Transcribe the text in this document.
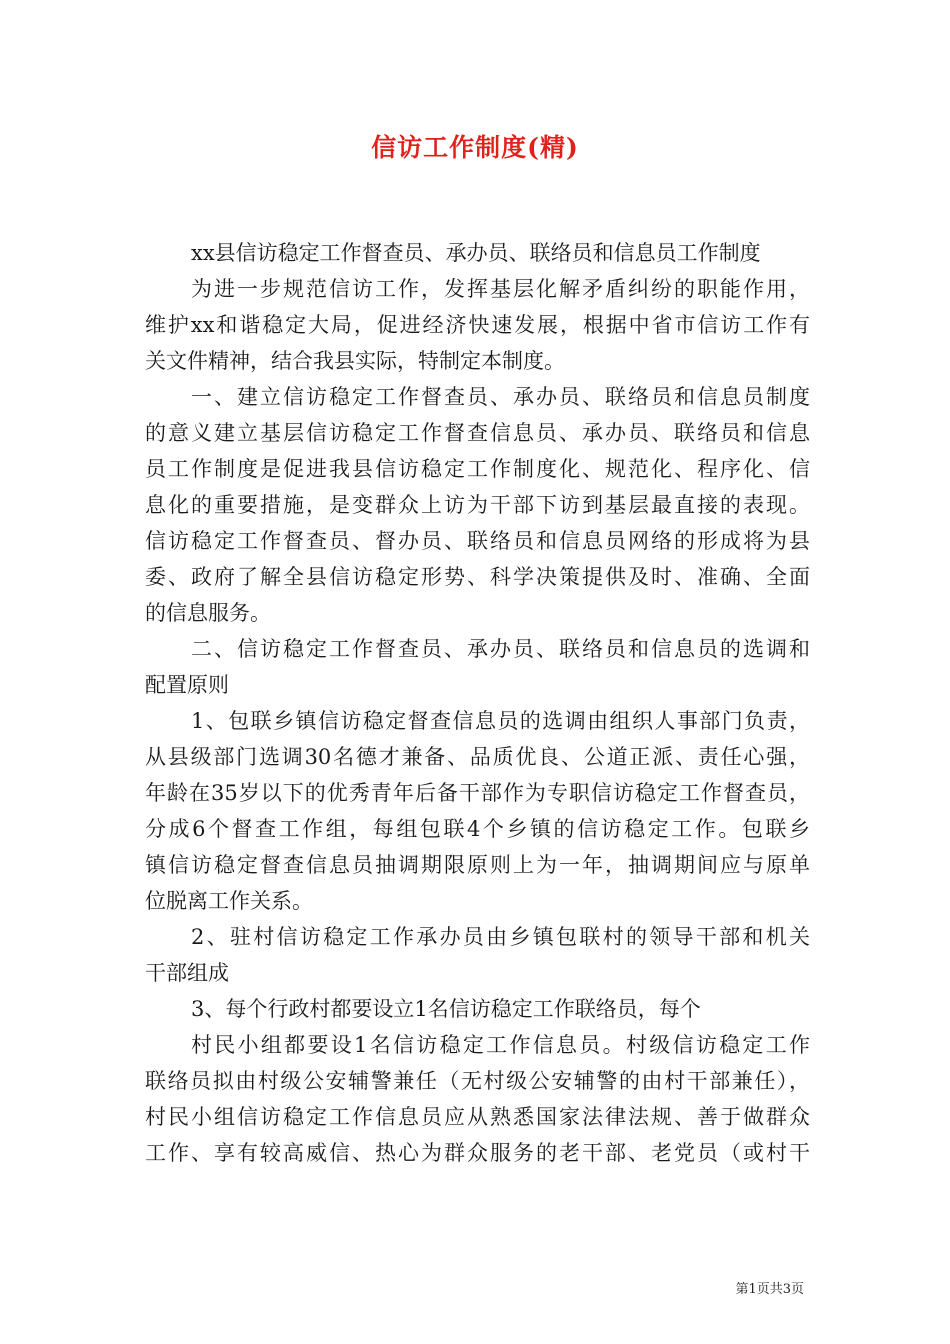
信访工作制度(精)
xx县信访稳定工作督查员、承办员、联络员和信息员工作制度
为进一步规范信访工作，发挥基层化解矛盾纠纷的职能作用，
维护xx和谐稳定大局，促进经济快速发展，根据中省市信访工作有
关文件精神，结合我县实际，特制定本制度。
一、建立信访稳定工作督查员、承办员、联络员和信息员制度
的意义建立基层信访稳定工作督查信息员、承办员、联络员和信息
员工作制度是促进我县信访稳定工作制度化、规范化、程序化、信
息化的重要措施，是变群众上访为干部下访到基层最直接的表现。
信访稳定工作督查员、督办员、联络员和信息员网络的形成将为县
委、政府了解全县信访稳定形势、科学决策提供及时、准确、全面
的信息服务。
二、信访稳定工作督查员、承办员、联络员和信息员的选调和
配置原则
1、包联乡镇信访稳定督查信息员的选调由组织人事部门负责，
从县级部门选调30名德才兼备、品质优良、公道正派、责任心强，
年龄在35岁以下的优秀青年后备干部作为专职信访稳定工作督查员，
分成6个督查工作组，每组包联4个乡镇的信访稳定工作。包联乡
镇信访稳定督查信息员抽调期限原则上为一年，抽调期间应与原单
位脱离工作关系。
2、驻村信访稳定工作承办员由乡镇包联村的领导干部和机关
干部组成
3、每个行政村都要设立1名信访稳定工作联络员，每个
村民小组都要设1名信访稳定工作信息员。村级信访稳定工作
联络员拟由村级公安辅警兼任（无村级公安辅警的由村干部兼任），
村民小组信访稳定工作信息员应从熟悉国家法律法规、善于做群众
工作、享有较高威信、热心为群众服务的老干部、老党员（或村干
第1页共3页
